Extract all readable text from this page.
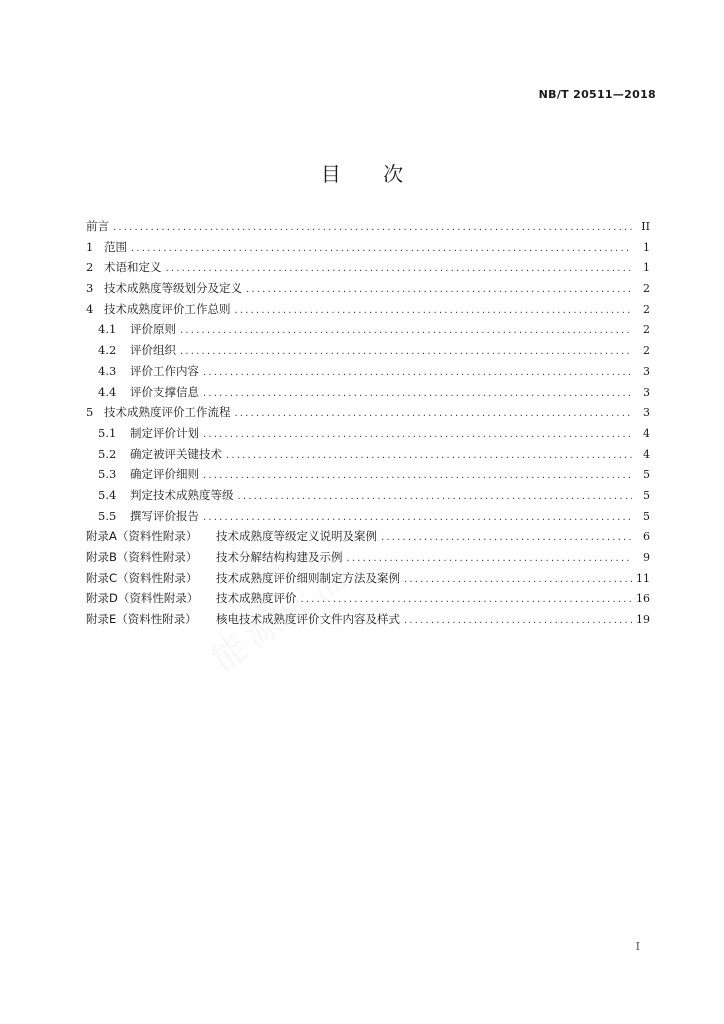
NB/T 20511—2018
目 次
前言 .....	II
1 范围 .....	1
2 术语和定义 .....	1
3 技术成熟度等级划分及定义 .....	2
4 技术成熟度评价工作总则 .....	2
4.1	评价原则 .....	2
4.2	评价组织 .....	2
4.3	评价工作内容 .....	3
4.4	评价支撑信息 .....	3
5 技术成熟度评价工作流程 .....	3
5.1	制定评价计划 .....	4
5.2	确定被评关键技术 .....	4
5.3	确定评价细则 .....	5
5.4	判定技术成熟度等级 .....	5
5.5	撰写评价报告 .....	5
附录A（资料性附录）	技术成熟度等级定义说明及案例 .....	6
附录B（资料性附录）	技术分解结构构建及示例 .....	9
附录C（资料性附录）	技术成熟度评价细则制定方法及案例 .....	11
附录D（资料性附录）	技术成熟度评价 .....	16
附录E（资料性附录）	核电技术成熟度评价文件内容及样式 .....	19
I
